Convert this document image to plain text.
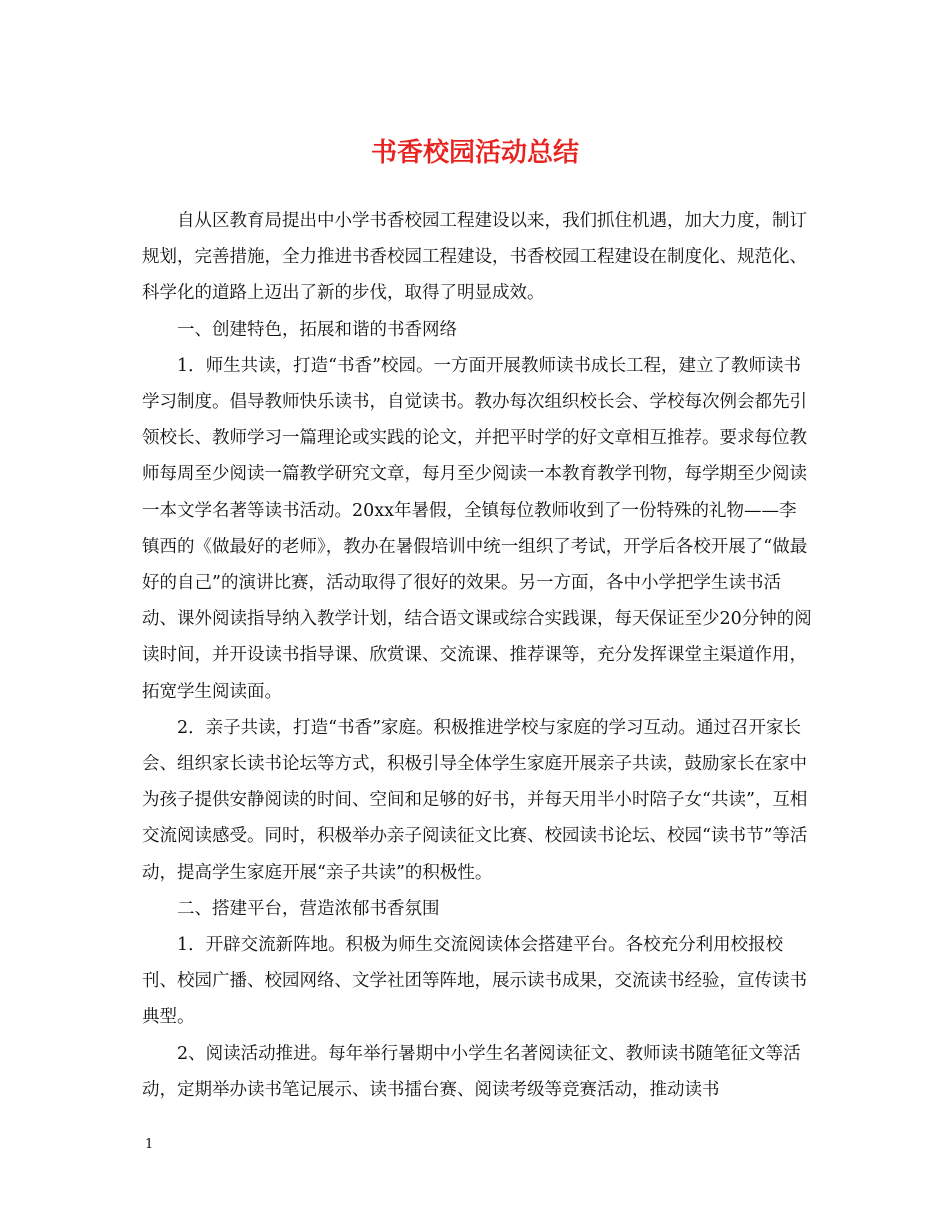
书香校园活动总结

自从区教育局提出中小学书香校园工程建设以来，我们抓住机遇，加大力度，制订规划，完善措施，全力推进书香校园工程建设，书香校园工程建设在制度化、规范化、科学化的道路上迈出了新的步伐，取得了明显成效。

一、创建特色，拓展和谐的书香网络

1．师生共读，打造“书香”校园。一方面开展教师读书成长工程，建立了教师读书学习制度。倡导教师快乐读书，自觉读书。教办每次组织校长会、学校每次例会都先引领校长、教师学习一篇理论或实践的论文，并把平时学的好文章相互推荐。要求每位教师每周至少阅读一篇教学研究文章，每月至少阅读一本教育教学刊物，每学期至少阅读一本文学名著等读书活动。20xx年暑假，全镇每位教师收到了一份特殊的礼物——李镇西的《做最好的老师》，教办在暑假培训中统一组织了考试，开学后各校开展了“做最好的自己”的演讲比赛，活动取得了很好的效果。另一方面，各中小学把学生读书活动、课外阅读指导纳入教学计划，结合语文课或综合实践课，每天保证至少20分钟的阅读时间，并开设读书指导课、欣赏课、交流课、推荐课等，充分发挥课堂主渠道作用，拓宽学生阅读面。

2．亲子共读，打造“书香”家庭。积极推进学校与家庭的学习互动。通过召开家长会、组织家长读书论坛等方式，积极引导全体学生家庭开展亲子共读，鼓励家长在家中为孩子提供安静阅读的时间、空间和足够的好书，并每天用半小时陪子女“共读”，互相交流阅读感受。同时，积极举办亲子阅读征文比赛、校园读书论坛、校园“读书节”等活动，提高学生家庭开展“亲子共读”的积极性。

二、搭建平台，营造浓郁书香氛围

1．开辟交流新阵地。积极为师生交流阅读体会搭建平台。各校充分利用校报校刊、校园广播、校园网络、文学社团等阵地，展示读书成果，交流读书经验，宣传读书典型。

2、阅读活动推进。每年举行暑期中小学生名著阅读征文、教师读书随笔征文等活动，定期举办读书笔记展示、读书擂台赛、阅读考级等竞赛活动，推动读书

1
